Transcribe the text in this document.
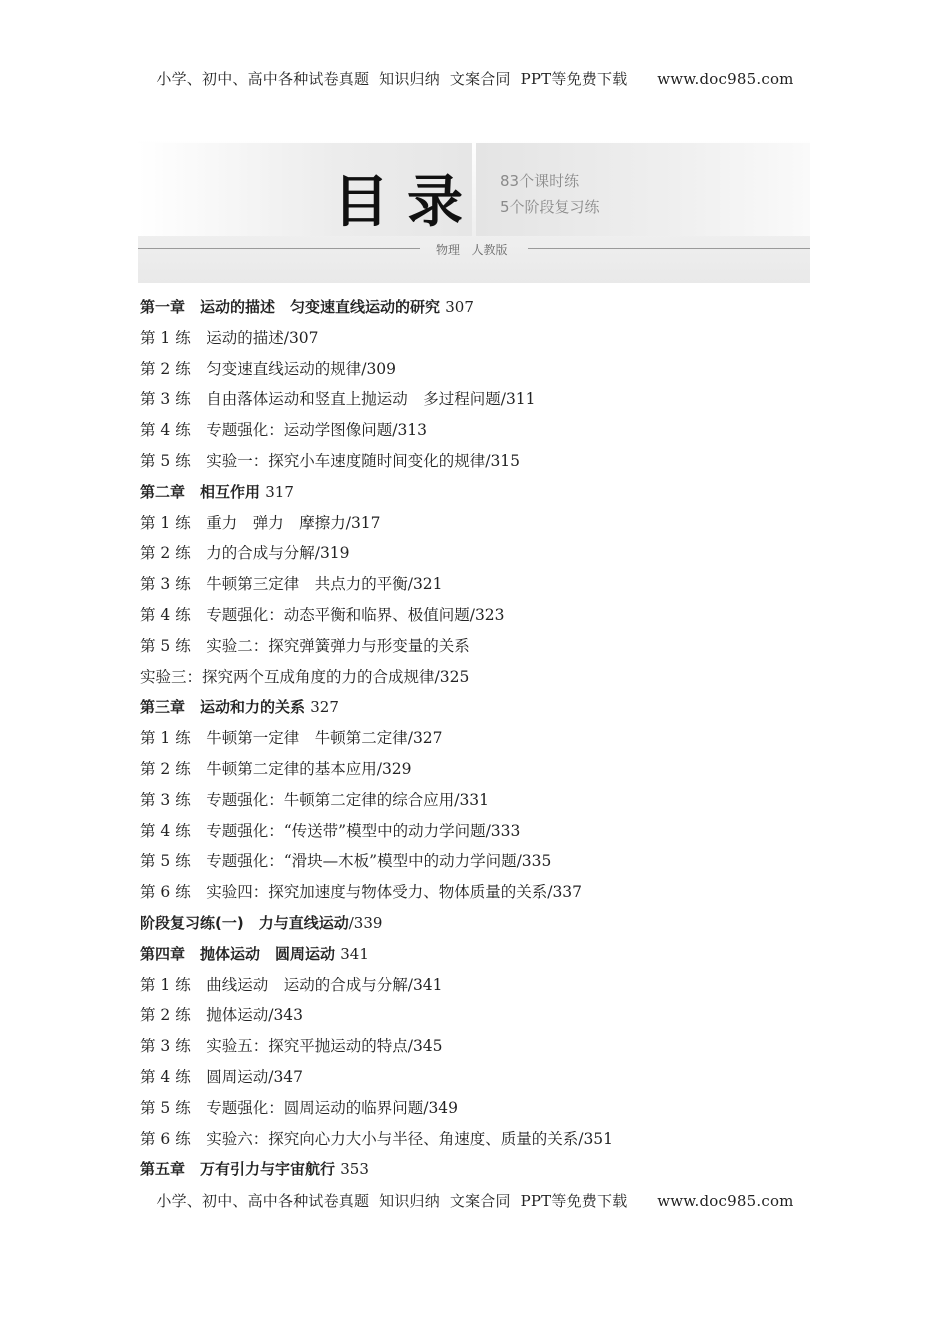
小学、初中、高中各种试卷真题  知识归纳  文案合同  PPT等免费下载      www.doc985.com
目录 83个课时练
5个阶段复习练
物理   人教版
第一章　运动的描述　匀变速直线运动的研究 307
第 1 练　运动的描述/307
第 2 练　匀变速直线运动的规律/309
第 3 练　自由落体运动和竖直上抛运动　多过程问题/311
第 4 练　专题强化：运动学图像问题/313
第 5 练　实验一：探究小车速度随时间变化的规律/315
第二章　相互作用 317
第 1 练　重力　弹力　摩擦力/317
第 2 练　力的合成与分解/319
第 3 练　牛顿第三定律　共点力的平衡/321
第 4 练　专题强化：动态平衡和临界、极值问题/323
第 5 练　实验二：探究弹簧弹力与形变量的关系
实验三：探究两个互成角度的力的合成规律/325
第三章　运动和力的关系 327
第 1 练　牛顿第一定律　牛顿第二定律/327
第 2 练　牛顿第二定律的基本应用/329
第 3 练　专题强化：牛顿第二定律的综合应用/331
第 4 练　专题强化：“传送带”模型中的动力学问题/333
第 5 练　专题强化：“滑块—木板”模型中的动力学问题/335
第 6 练　实验四：探究加速度与物体受力、物体质量的关系/337
阶段复习练(一)　力与直线运动/339
第四章　抛体运动　圆周运动 341
第 1 练　曲线运动　运动的合成与分解/341
第 2 练　抛体运动/343
第 3 练　实验五：探究平抛运动的特点/345
第 4 练　圆周运动/347
第 5 练　专题强化：圆周运动的临界问题/349
第 6 练　实验六：探究向心力大小与半径、角速度、质量的关系/351
第五章　万有引力与宇宙航行 353
小学、初中、高中各种试卷真题  知识归纳  文案合同  PPT等免费下载      www.doc985.com
